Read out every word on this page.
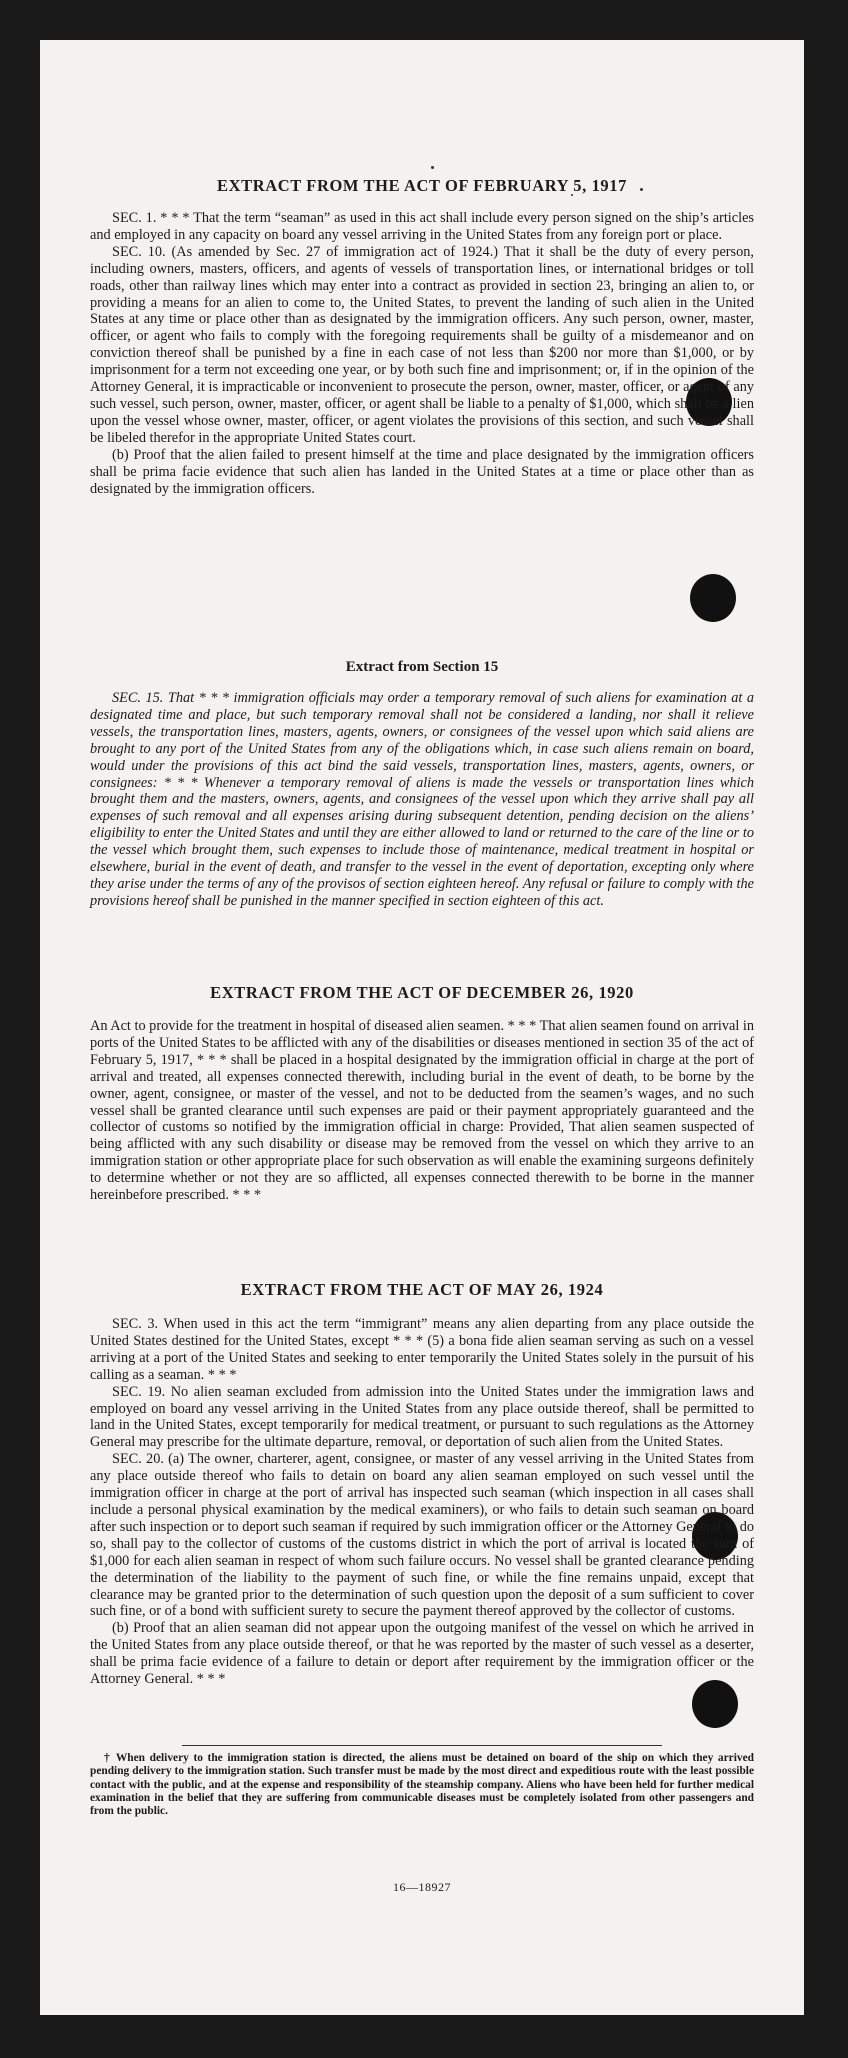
EXTRACT FROM THE ACT OF FEBRUARY 5, 1917

SEC. 1. * * * That the term “seaman” as used in this act shall include every person signed on the ship’s articles and employed in any capacity on board any vessel arriving in the United States from any foreign port or place.

SEC. 10. (As amended by Sec. 27 of immigration act of 1924.) That it shall be the duty of every person, including owners, masters, officers, and agents of vessels of transportation lines, or international bridges or toll roads, other than railway lines which may enter into a contract as provided in section 23, bringing an alien to, or providing a means for an alien to come to, the United States, to prevent the landing of such alien in the United States at any time or place other than as designated by the immigration officers. Any such person, owner, master, officer, or agent who fails to comply with the foregoing requirements shall be guilty of a misdemeanor and on conviction thereof shall be punished by a fine in each case of not less than $200 nor more than $1,000, or by imprisonment for a term not exceeding one year, or by both such fine and imprisonment; or, if in the opinion of the Attorney General, it is impracticable or inconvenient to prosecute the person, owner, master, officer, or agent of any such vessel, such person, owner, master, officer, or agent shall be liable to a penalty of $1,000, which shall be a lien upon the vessel whose owner, master, officer, or agent violates the provisions of this section, and such vessel shall be libeled therefor in the appropriate United States court.

(b) Proof that the alien failed to present himself at the time and place designated by the immigration officers shall be prima facie evidence that such alien has landed in the United States at a time or place other than as designated by the immigration officers.

Extract from Section 15

SEC. 15. That * * * immigration officials may order a temporary removal of such aliens for examination at a designated time and place, but such temporary removal shall not be considered a landing, nor shall it relieve vessels, the transportation lines, masters, agents, owners, or consignees of the vessel upon which said aliens are brought to any port of the United States from any of the obligations which, in case such aliens remain on board, would under the provisions of this act bind the said vessels, transportation lines, masters, agents, owners, or consignees: * * * Whenever a temporary removal of aliens is made the vessels or transportation lines which brought them and the masters, owners, agents, and consignees of the vessel upon which they arrive shall pay all expenses of such removal and all expenses arising during subsequent detention, pending decision on the aliens’ eligibility to enter the United States and until they are either allowed to land or returned to the care of the line or to the vessel which brought them, such expenses to include those of maintenance, medical treatment in hospital or elsewhere, burial in the event of death, and transfer to the vessel in the event of deportation, excepting only where they arise under the terms of any of the provisos of section eighteen hereof. Any refusal or failure to comply with the provisions hereof shall be punished in the manner specified in section eighteen of this act.

EXTRACT FROM THE ACT OF DECEMBER 26, 1920

An Act to provide for the treatment in hospital of diseased alien seamen. * * * That alien seamen found on arrival in ports of the United States to be afflicted with any of the disabilities or diseases mentioned in section 35 of the act of February 5, 1917, * * * shall be placed in a hospital designated by the immigration official in charge at the port of arrival and treated, all expenses connected therewith, including burial in the event of death, to be borne by the owner, agent, consignee, or master of the vessel, and not to be deducted from the seamen’s wages, and no such vessel shall be granted clearance until such expenses are paid or their payment appropriately guaranteed and the collector of customs so notified by the immigration official in charge: Provided, That alien seamen suspected of being afflicted with any such disability or disease may be removed from the vessel on which they arrive to an immigration station or other appropriate place for such observation as will enable the examining surgeons definitely to determine whether or not they are so afflicted, all expenses connected therewith to be borne in the manner hereinbefore prescribed. * * *

EXTRACT FROM THE ACT OF MAY 26, 1924

SEC. 3. When used in this act the term “immigrant” means any alien departing from any place outside the United States destined for the United States, except * * * (5) a bona fide alien seaman serving as such on a vessel arriving at a port of the United States and seeking to enter temporarily the United States solely in the pursuit of his calling as a seaman. * * *

SEC. 19. No alien seaman excluded from admission into the United States under the immigration laws and employed on board any vessel arriving in the United States from any place outside thereof, shall be permitted to land in the United States, except temporarily for medical treatment, or pursuant to such regulations as the Attorney General may prescribe for the ultimate departure, removal, or deportation of such alien from the United States.

SEC. 20. (a) The owner, charterer, agent, consignee, or master of any vessel arriving in the United States from any place outside thereof who fails to detain on board any alien seaman employed on such vessel until the immigration officer in charge at the port of arrival has inspected such seaman (which inspection in all cases shall include a personal physical examination by the medical examiners), or who fails to detain such seaman on board after such inspection or to deport such seaman if required by such immigration officer or the Attorney General to do so, shall pay to the collector of customs of the customs district in which the port of arrival is located the sum of $1,000 for each alien seaman in respect of whom such failure occurs. No vessel shall be granted clearance pending the determination of the liability to the payment of such fine, or while the fine remains unpaid, except that clearance may be granted prior to the determination of such question upon the deposit of a sum sufficient to cover such fine, or of a bond with sufficient surety to secure the payment thereof approved by the collector of customs.

(b) Proof that an alien seaman did not appear upon the outgoing manifest of the vessel on which he arrived in the United States from any place outside thereof, or that he was reported by the master of such vessel as a deserter, shall be prima facie evidence of a failure to detain or deport after requirement by the immigration officer or the Attorney General. * * *

† When delivery to the immigration station is directed, the aliens must be detained on board of the ship on which they arrived pending delivery to the immigration station. Such transfer must be made by the most direct and expeditious route with the least possible contact with the public, and at the expense and responsibility of the steamship company. Aliens who have been held for further medical examination in the belief that they are suffering from communicable diseases must be completely isolated from other passengers and from the public.
16—18927
